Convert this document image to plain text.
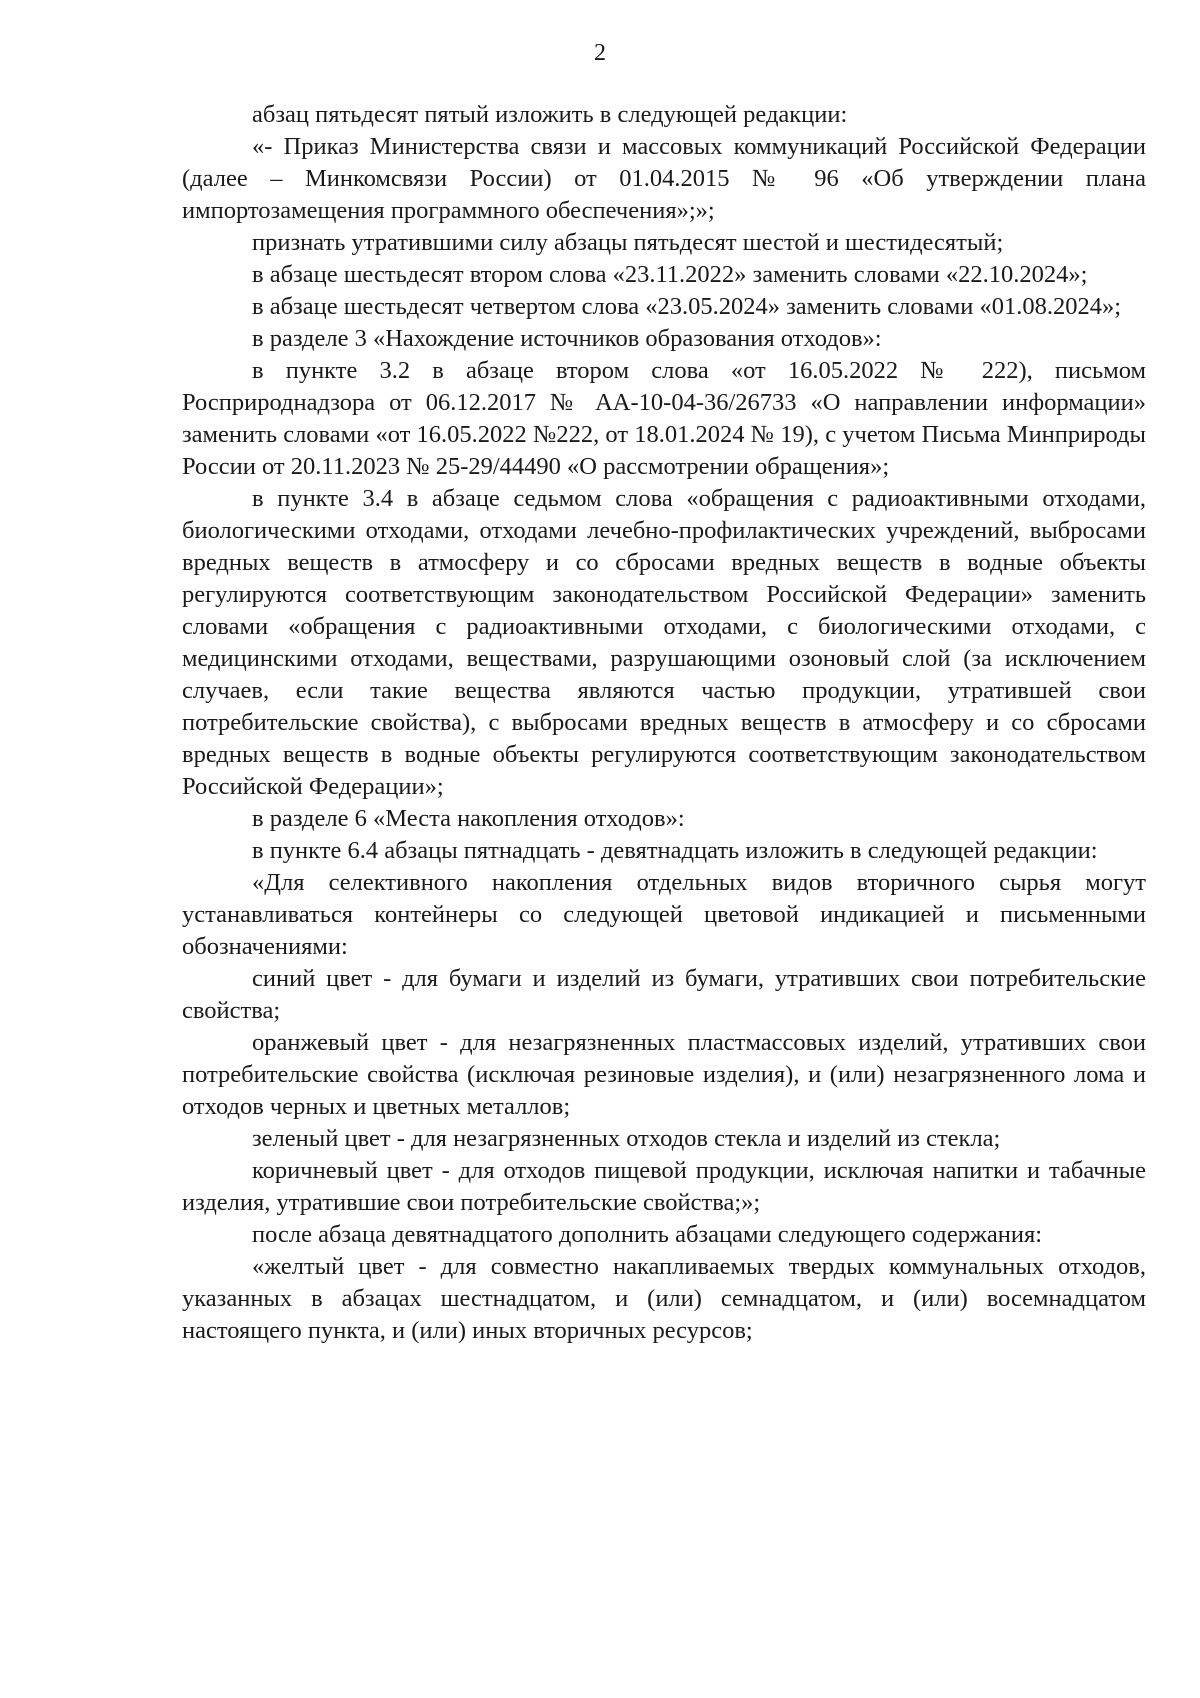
2

абзац пятьдесят пятый изложить в следующей редакции:

«- Приказ Министерства связи и массовых коммуникаций Российской Федерации (далее – Минкомсвязи России) от 01.04.2015 № 96 «Об утверждении плана импортозамещения программного обеспечения»;»;

признать утратившими силу абзацы пятьдесят шестой и шестидесятый;

в абзаце шестьдесят втором слова «23.11.2022» заменить словами «22.10.2024»;

в абзаце шестьдесят четвертом слова «23.05.2024» заменить словами «01.08.2024»;

в разделе 3 «Нахождение источников образования отходов»:

в пункте 3.2 в абзаце втором слова «от 16.05.2022 № 222), письмом Росприроднадзора от 06.12.2017 № АА-10-04-36/26733 «О направлении информации» заменить словами «от 16.05.2022 №222, от 18.01.2024 № 19), с учетом Письма Минприроды России от 20.11.2023 № 25-29/44490 «О рассмотрении обращения»;

в пункте 3.4 в абзаце седьмом слова «обращения с радиоактивными отходами, биологическими отходами, отходами лечебно-профилактических учреждений, выбросами вредных веществ в атмосферу и со сбросами вредных веществ в водные объекты регулируются соответствующим законодательством Российской Федерации» заменить словами «обращения с радиоактивными отходами, с биологическими отходами, с медицинскими отходами, веществами, разрушающими озоновый слой (за исключением случаев, если такие вещества являются частью продукции, утратившей свои потребительские свойства), с выбросами вредных веществ в атмосферу и со сбросами вредных веществ в водные объекты регулируются соответствующим законодательством Российской Федерации»;

в разделе 6 «Места накопления отходов»:

в пункте 6.4 абзацы пятнадцать - девятнадцать изложить в следующей редакции:

«Для селективного накопления отдельных видов вторичного сырья могут устанавливаться контейнеры со следующей цветовой индикацией и письменными обозначениями:

синий цвет - для бумаги и изделий из бумаги, утративших свои потребительские свойства;

оранжевый цвет - для незагрязненных пластмассовых изделий, утративших свои потребительские свойства (исключая резиновые изделия), и (или) незагрязненного лома и отходов черных и цветных металлов;

зеленый цвет - для незагрязненных отходов стекла и изделий из стекла;

коричневый цвет - для отходов пищевой продукции, исключая напитки и табачные изделия, утратившие свои потребительские свойства;»;

после абзаца девятнадцатого дополнить абзацами следующего содержания:

«желтый цвет - для совместно накапливаемых твердых коммунальных отходов, указанных в абзацах шестнадцатом, и (или) семнадцатом, и (или) восемнадцатом настоящего пункта, и (или) иных вторичных ресурсов;
